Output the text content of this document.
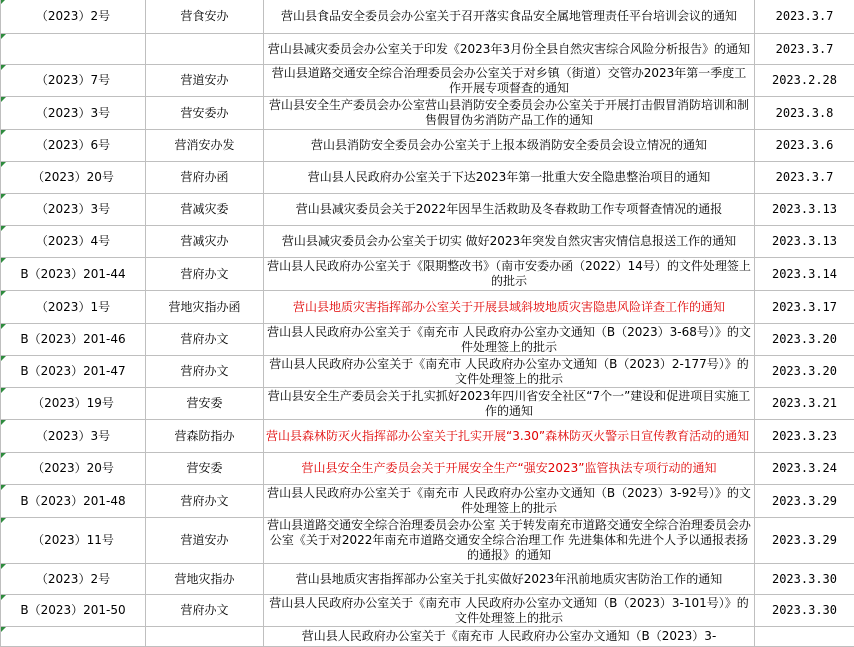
（2023）2号	营食安办	营山县食品安全委员会办公室关于召开落实食品安全属地管理责任平台培训会议的通知	2023.3.7
		营山县减灾委员会办公室关于印发《2023年3月份全县自然灾害综合风险分析报告》的通知	2023.3.7
（2023）7号	营道安办	营山县道路交通安全综合治理委员会办公室关于对乡镇（街道）交管办2023年第一季度工作开展专项督查的通知	2023.2.28
（2023）3号	营安委办	营山县安全生产委员会办公室营山县消防安全委员会办公室关于开展打击假冒消防培训和制售假冒伪劣消防产品工作的通知	2023.3.8
（2023）6号	营消安办发	营山县消防安全委员会办公室关于上报本级消防安全委员会设立情况的通知	2023.3.6
（2023）20号	营府办函	营山县人民政府办公室关于下达2023年第一批重大安全隐患整治项目的通知	2023.3.7
（2023）3号	营减灾委	营山县减灾委员会关于2022年因旱生活救助及冬春救助工作专项督查情况的通报	2023.3.13
（2023）4号	营减灾办	营山县减灾委员会办公室关于切实 做好2023年突发自然灾害灾情信息报送工作的通知	2023.3.13
B（2023）201-44	营府办文	营山县人民政府办公室关于《限期整改书》（南市安委办函（2022）14号）的文件处理签上的批示	2023.3.14
（2023）1号	营地灾指办函	营山县地质灾害指挥部办公室关于开展县域斜坡地质灾害隐患风险详查工作的通知	2023.3.17
B（2023）201-46	营府办文	营山县人民政府办公室关于《南充市 人民政府办公室办文通知（B（2023）3-68号）》的文件处理签上的批示	2023.3.20
B（2023）201-47	营府办文	营山县人民政府办公室关于《南充市 人民政府办公室办文通知（B（2023）2-177号）》的文件处理签上的批示	2023.3.20
（2023）19号	营安委	营山县安全生产委员会关于扎实抓好2023年四川省安全社区“7个一”建设和促进项目实施工作的通知	2023.3.21
（2023）3号	营森防指办	营山县森林防灭火指挥部办公室关于扎实开展“3.30”森林防灭火警示日宣传教育活动的通知	2023.3.23
（2023）20号	营安委	营山县安全生产委员会关于开展安全生产“强安2023”监管执法专项行动的通知	2023.3.24
B（2023）201-48	营府办文	营山县人民政府办公室关于《南充市 人民政府办公室办文通知（B（2023）3-92号）》的文件处理签上的批示	2023.3.29
（2023）11号	营道安办	营山县道路交通安全综合治理委员会办公室 关于转发南充市道路交通安全综合治理委员会办公室《关于对2022年南充市道路交通安全综合治理工作 先进集体和先进个人予以通报表扬的通报》的通知	2023.3.29
（2023）2号	营地灾指办	营山县地质灾害指挥部办公室关于扎实做好2023年汛前地质灾害防治工作的通知	2023.3.30
B（2023）201-50	营府办文	营山县人民政府办公室关于《南充市 人民政府办公室办文通知（B（2023）3-101号）》的文件处理签上的批示	2023.3.30
		营山县人民政府办公室关于《南充市 人民政府办公室办文通知（B（2023）3-	
